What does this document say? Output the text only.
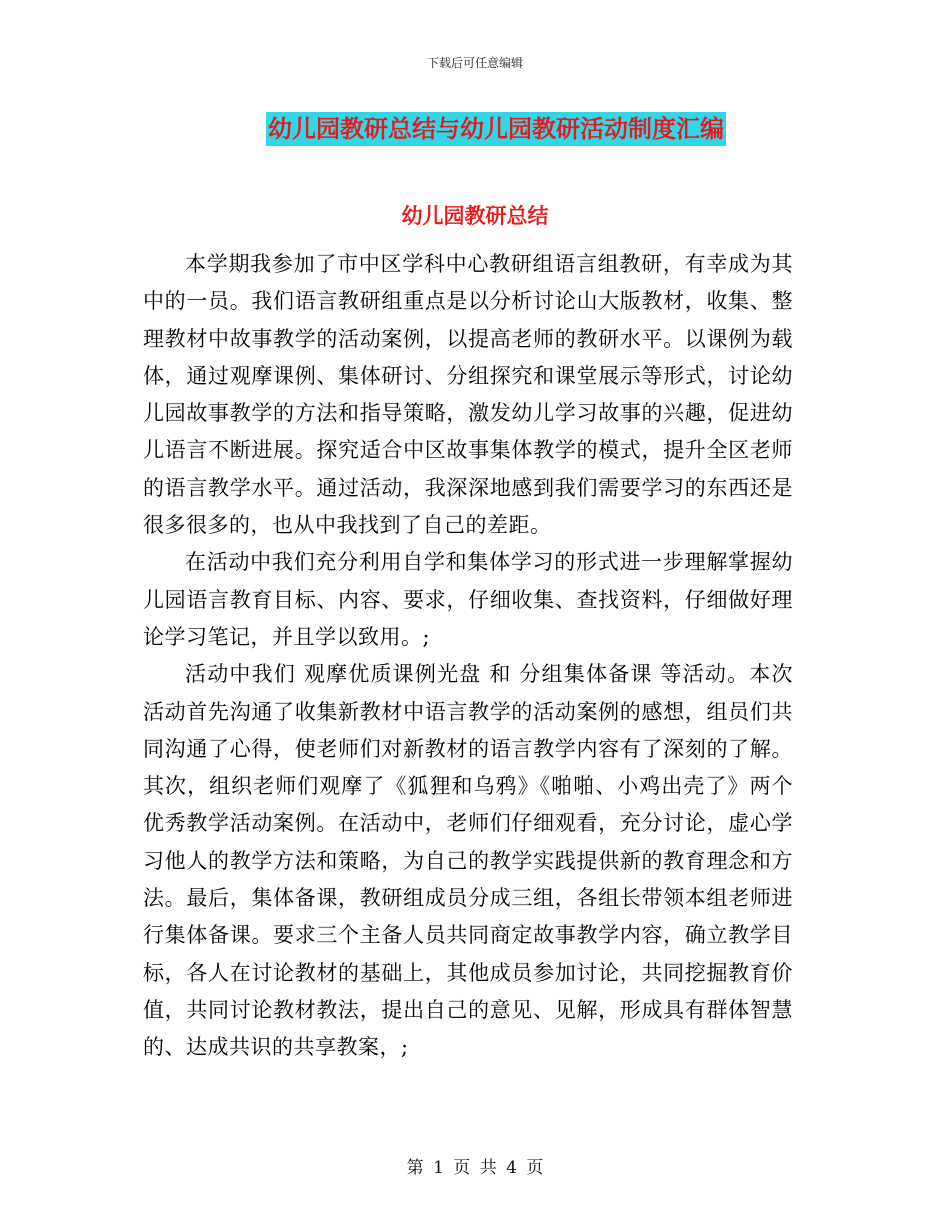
下载后可任意编辑
幼儿园教研总结与幼儿园教研活动制度汇编
幼儿园教研总结

本学期我参加了市中区学科中心教研组语言组教研，有幸成为其中的一员。我们语言教研组重点是以分析讨论山大版教材，收集、整理教材中故事教学的活动案例，以提高老师的教研水平。以课例为载体，通过观摩课例、集体研讨、分组探究和课堂展示等形式，讨论幼儿园故事教学的方法和指导策略，激发幼儿学习故事的兴趣，促进幼儿语言不断进展。探究适合中区故事集体教学的模式，提升全区老师的语言教学水平。通过活动，我深深地感到我们需要学习的东西还是很多很多的，也从中我找到了自己的差距。

在活动中我们充分利用自学和集体学习的形式进一步理解掌握幼儿园语言教育目标、内容、要求，仔细收集、查找资料，仔细做好理论学习笔记，并且学以致用。;

活动中我们 观摩优质课例光盘 和 分组集体备课 等活动。本次活动首先沟通了收集新教材中语言教学的活动案例的感想，组员们共同沟通了心得，使老师们对新教材的语言教学内容有了深刻的了解。其次，组织老师们观摩了《狐狸和乌鸦》《啪啪、小鸡出壳了》两个优秀教学活动案例。在活动中，老师们仔细观看，充分讨论，虚心学习他人的教学方法和策略，为自己的教学实践提供新的教育理念和方法。最后，集体备课，教研组成员分成三组，各组长带领本组老师进行集体备课。要求三个主备人员共同商定故事教学内容，确立教学目标，各人在讨论教材的基础上，其他成员参加讨论，共同挖掘教育价值，共同讨论教材教法，提出自己的意见、见解，形成具有群体智慧的、达成共识的共享教案，;

第 1 页 共 4 页
